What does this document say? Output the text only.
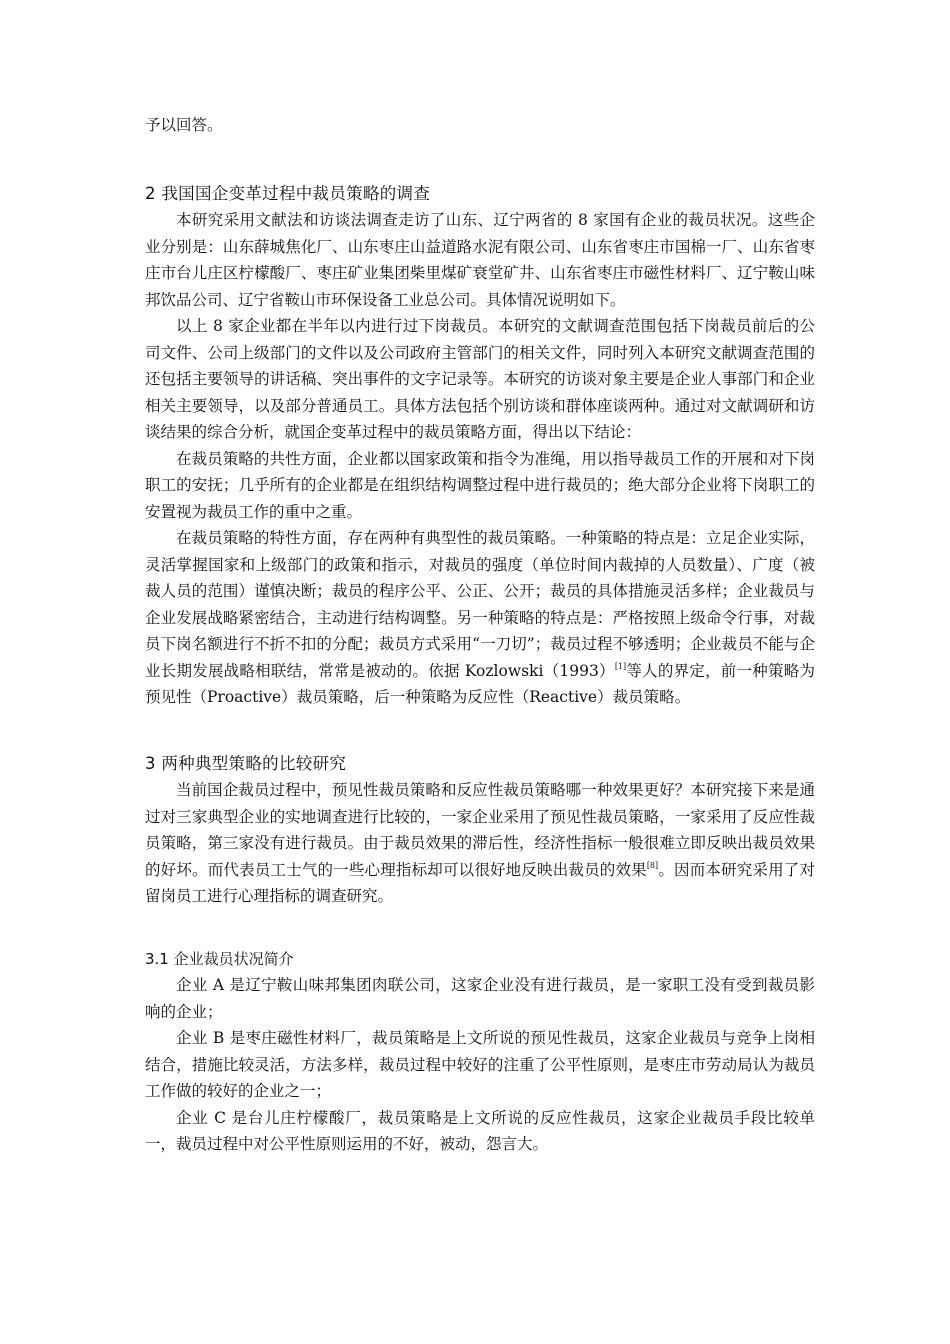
予以回答。

2 我国国企变革过程中裁员策略的调查

本研究采用文献法和访谈法调查走访了山东、辽宁两省的 8 家国有企业的裁员状况。这些企业分别是：山东薛城焦化厂、山东枣庄山益道路水泥有限公司、山东省枣庄市国棉一厂、山东省枣庄市台儿庄区柠檬酸厂、枣庄矿业集团柴里煤矿衰堂矿井、山东省枣庄市磁性材料厂、辽宁鞍山味邦饮品公司、辽宁省鞍山市环保设备工业总公司。具体情况说明如下。

以上 8 家企业都在半年以内进行过下岗裁员。本研究的文献调查范围包括下岗裁员前后的公司文件、公司上级部门的文件以及公司政府主管部门的相关文件，同时列入本研究文献调查范围的还包括主要领导的讲话稿、突出事件的文字记录等。本研究的访谈对象主要是企业人事部门和企业相关主要领导，以及部分普通员工。具体方法包括个别访谈和群体座谈两种。通过对文献调研和访谈结果的综合分析，就国企变革过程中的裁员策略方面，得出以下结论：

在裁员策略的共性方面，企业都以国家政策和指令为准绳，用以指导裁员工作的开展和对下岗职工的安抚；几乎所有的企业都是在组织结构调整过程中进行裁员的；绝大部分企业将下岗职工的安置视为裁员工作的重中之重。

在裁员策略的特性方面，存在两种有典型性的裁员策略。一种策略的特点是：立足企业实际，灵活掌握国家和上级部门的政策和指示，对裁员的强度（单位时间内裁掉的人员数量）、广度（被裁人员的范围）谨慎决断；裁员的程序公平、公正、公开；裁员的具体措施灵活多样；企业裁员与企业发展战略紧密结合，主动进行结构调整。另一种策略的特点是：严格按照上级命令行事，对裁员下岗名额进行不折不扣的分配；裁员方式采用“一刀切”；裁员过程不够透明；企业裁员不能与企业长期发展战略相联结，常常是被动的。依据 Kozlowski（1993）[1]等人的界定，前一种策略为预见性（Proactive）裁员策略，后一种策略为反应性（Reactive）裁员策略。

3 两种典型策略的比较研究

当前国企裁员过程中，预见性裁员策略和反应性裁员策略哪一种效果更好？本研究接下来是通过对三家典型企业的实地调查进行比较的，一家企业采用了预见性裁员策略，一家采用了反应性裁员策略，第三家没有进行裁员。由于裁员效果的滞后性，经济性指标一般很难立即反映出裁员效果的好坏。而代表员工士气的一些心理指标却可以很好地反映出裁员的效果[8]。因而本研究采用了对留岗员工进行心理指标的调查研究。

3.1 企业裁员状况简介

企业 A 是辽宁鞍山味邦集团肉联公司，这家企业没有进行裁员，是一家职工没有受到裁员影响的企业；

企业 B 是枣庄磁性材料厂，裁员策略是上文所说的预见性裁员，这家企业裁员与竞争上岗相结合，措施比较灵活，方法多样，裁员过程中较好的注重了公平性原则，是枣庄市劳动局认为裁员工作做的较好的企业之一；

企业 C 是台儿庄柠檬酸厂，裁员策略是上文所说的反应性裁员，这家企业裁员手段比较单一，裁员过程中对公平性原则运用的不好，被动，怨言大。
